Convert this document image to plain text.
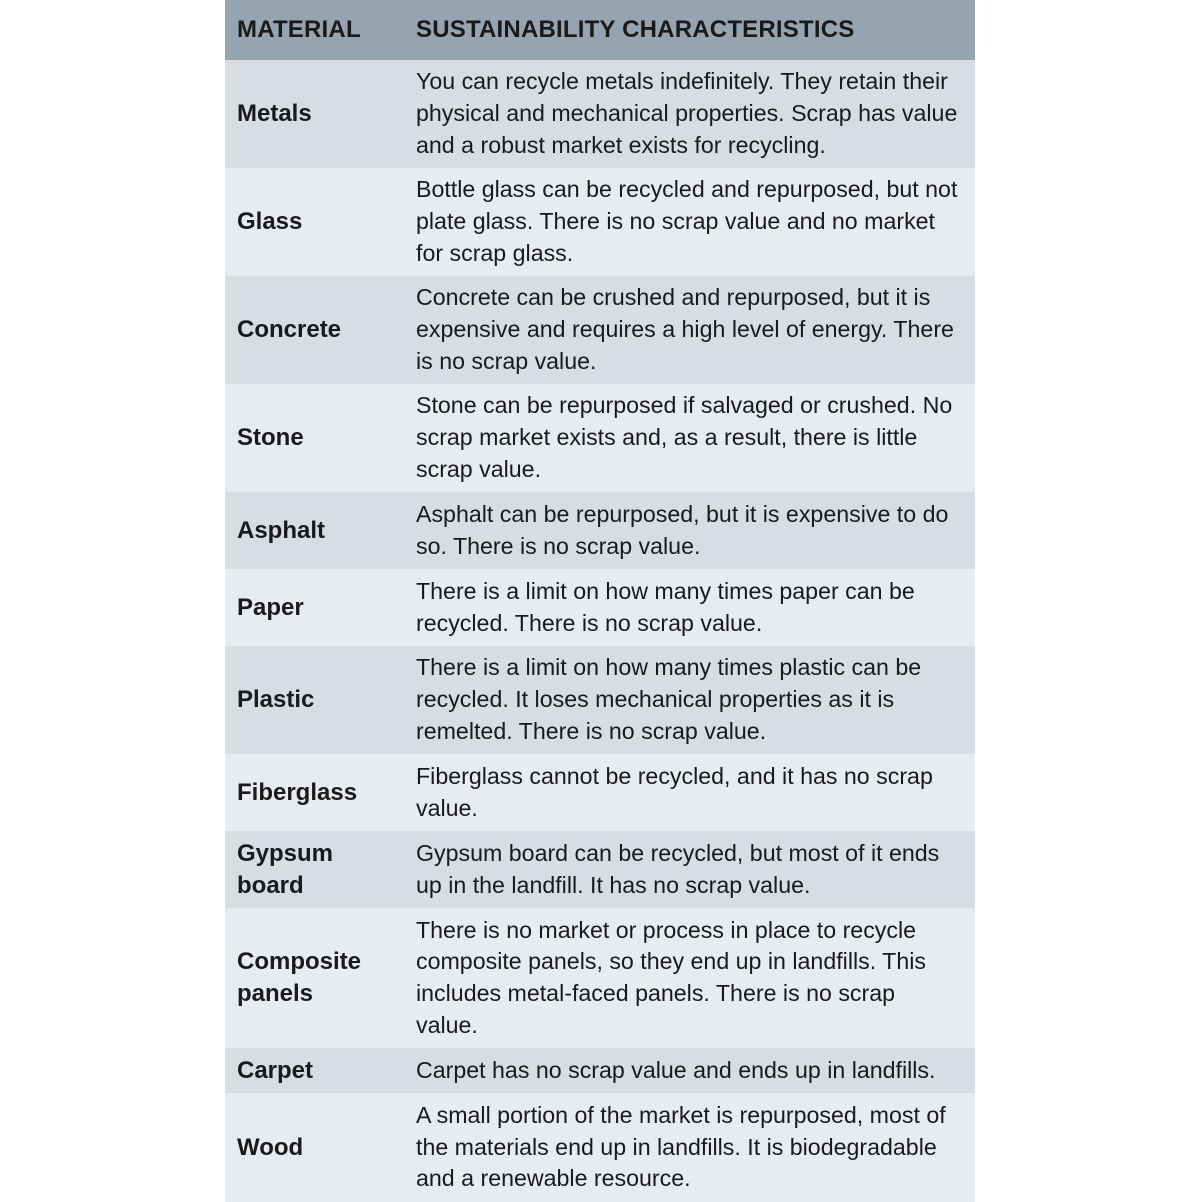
MATERIAL	SUSTAINABILITY CHARACTERISTICS
Metals
You can recycle metals indefinitely. They retain their physical and mechanical properties. Scrap has value and a robust market exists for recycling.
Glass
Bottle glass can be recycled and repurposed, but not plate glass. There is no scrap value and no market for scrap glass.
Concrete
Concrete can be crushed and repurposed, but it is expensive and requires a high level of energy. There is no scrap value.
Stone
Stone can be repurposed if salvaged or crushed. No scrap market exists and, as a result, there is little scrap value.
Asphalt
Asphalt can be repurposed, but it is expensive to do so. There is no scrap value.
Paper
There is a limit on how many times paper can be recycled. There is no scrap value.
Plastic
There is a limit on how many times plastic can be recycled. It loses mechanical properties as it is remelted. There is no scrap value.
Fiberglass
Fiberglass cannot be recycled, and it has no scrap value.
Gypsum board
Gypsum board can be recycled, but most of it ends up in the landfill. It has no scrap value.
Composite panels
There is no market or process in place to recycle composite panels, so they end up in landfills. This includes metal-faced panels. There is no scrap value.
Carpet	Carpet has no scrap value and ends up in landfills.
Wood
A small portion of the market is repurposed, most of the materials end up in landfills. It is biodegradable and a renewable resource.
